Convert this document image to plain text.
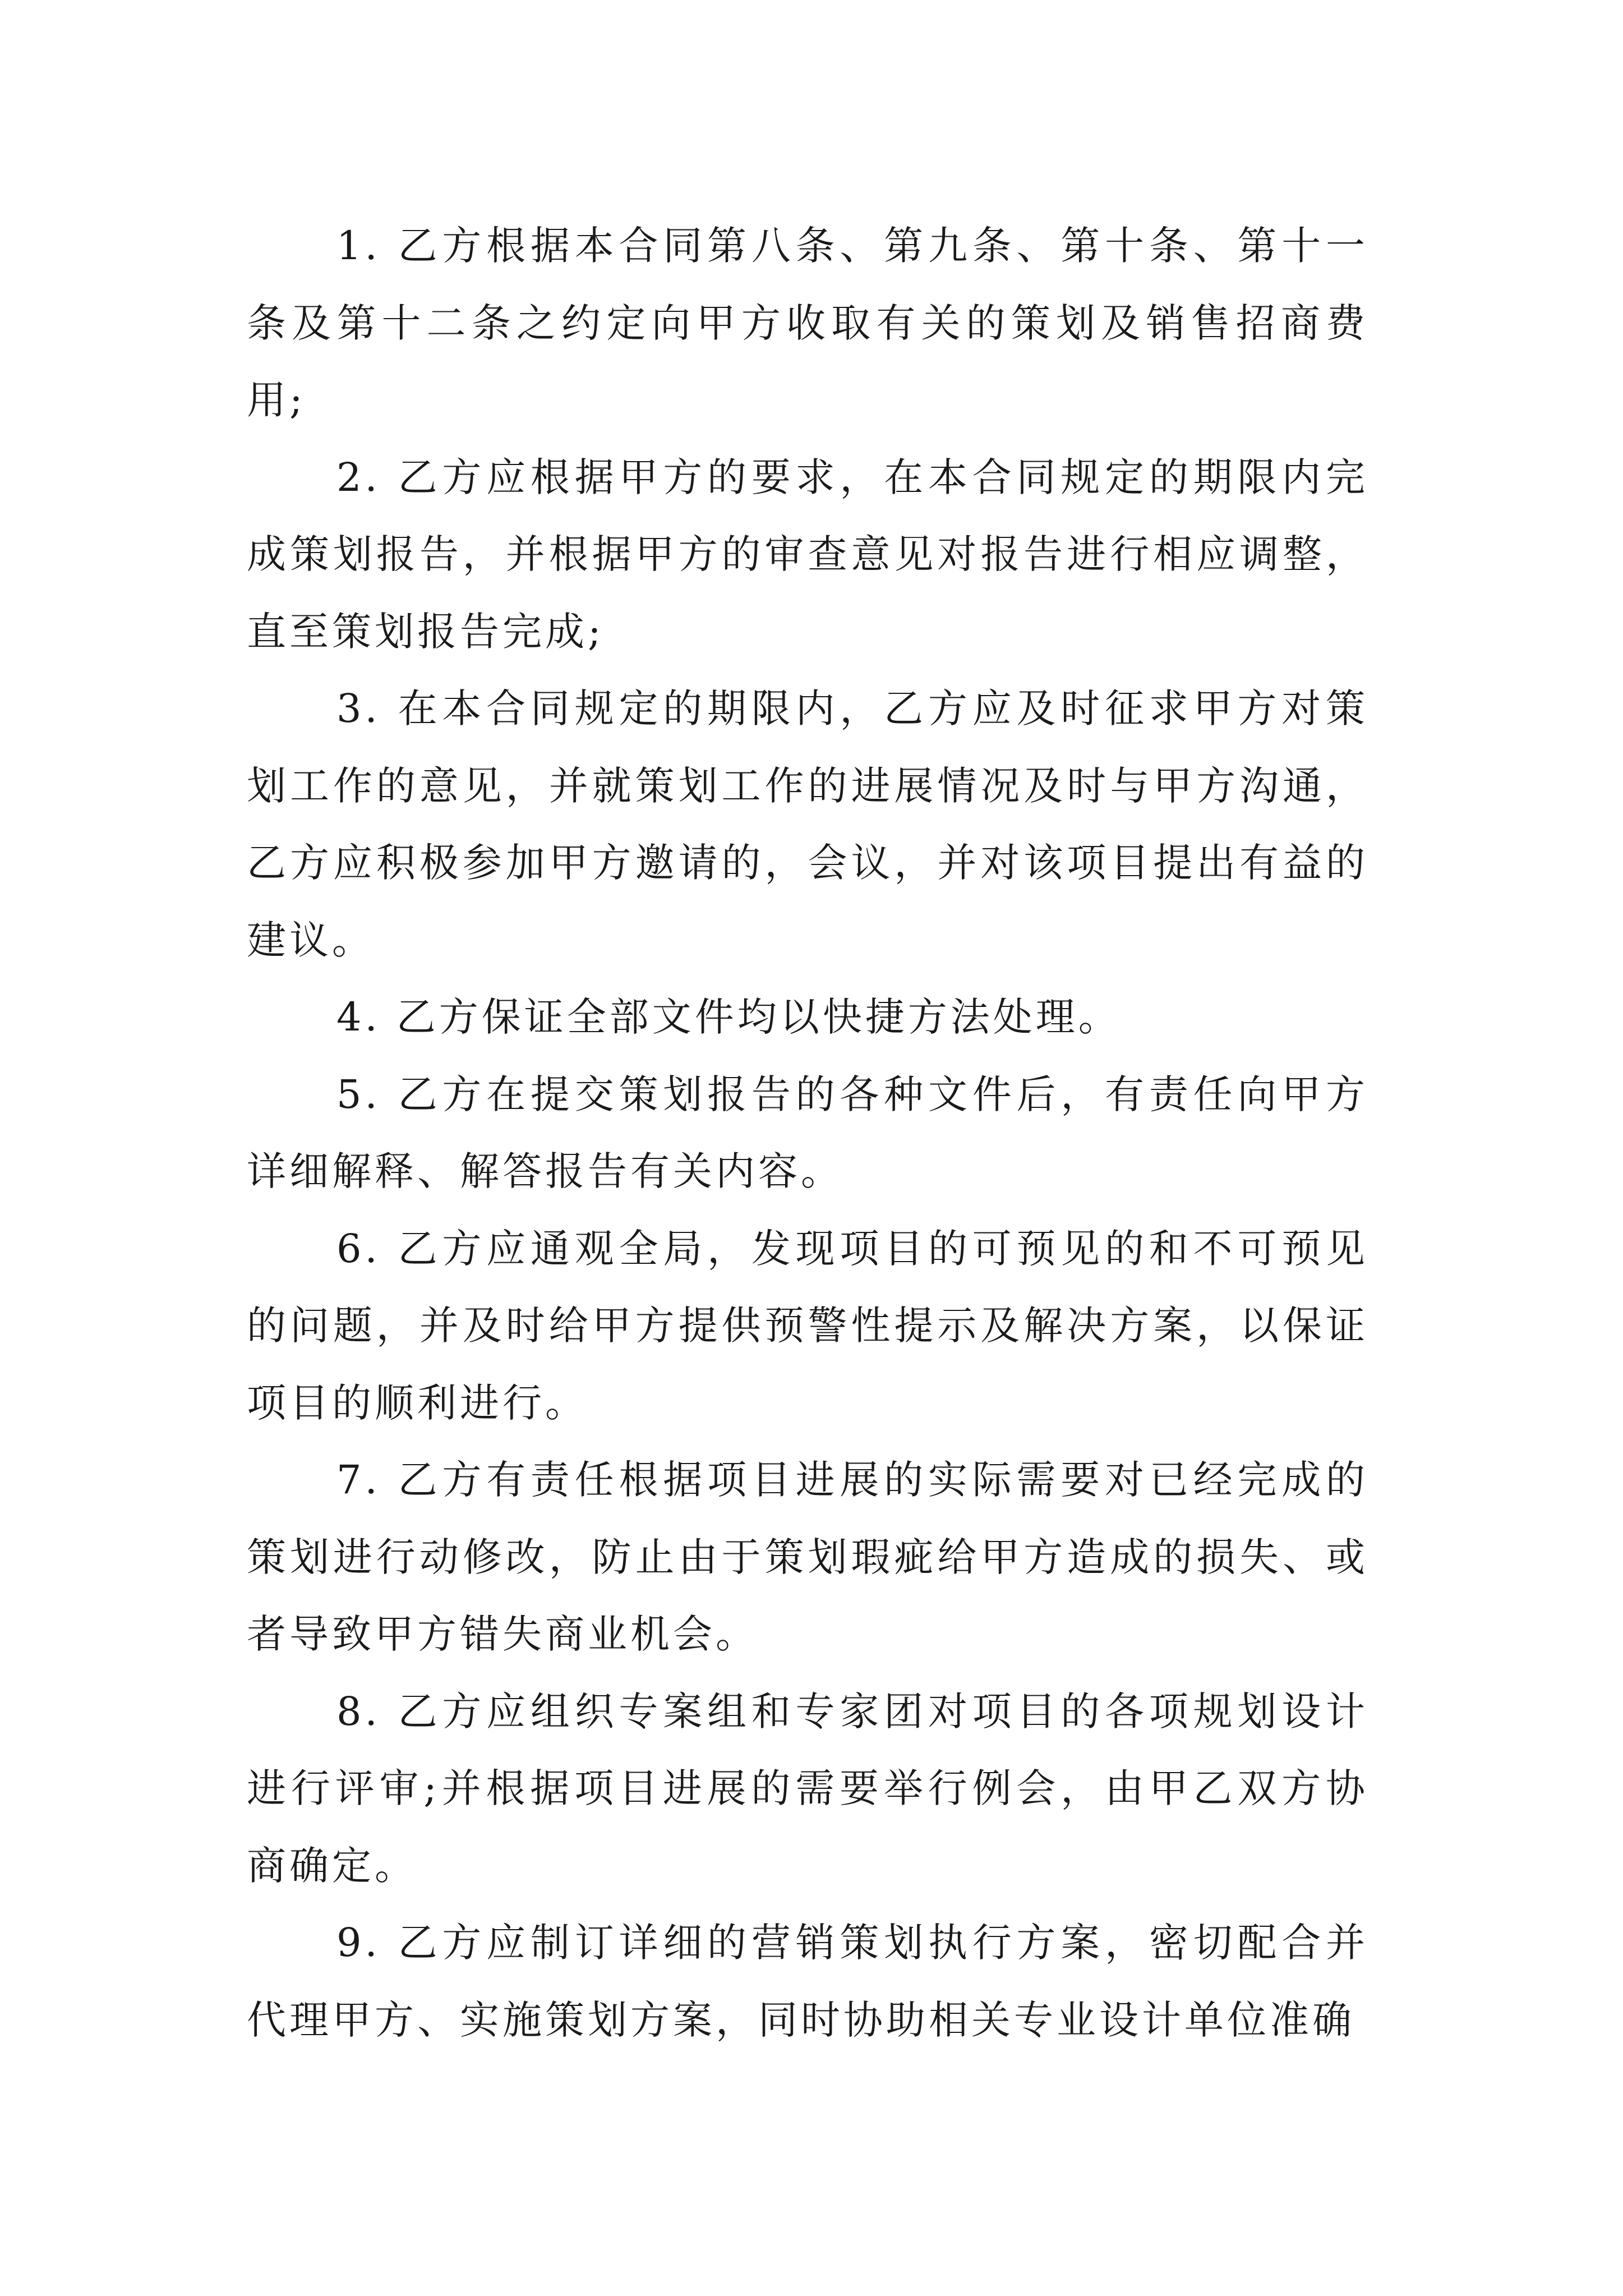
1. 乙方根据本合同第八条、第九条、第十条、第十一条及第十二条之约定向甲方收取有关的策划及销售招商费用;

2. 乙方应根据甲方的要求，在本合同规定的期限内完成策划报告，并根据甲方的审查意见对报告进行相应调整，直至策划报告完成;

3. 在本合同规定的期限内，乙方应及时征求甲方对策划工作的意见，并就策划工作的进展情况及时与甲方沟通，乙方应积极参加甲方邀请的，会议，并对该项目提出有益的建议。

4. 乙方保证全部文件均以快捷方法处理。

5. 乙方在提交策划报告的各种文件后，有责任向甲方详细解释、解答报告有关内容。

6. 乙方应通观全局，发现项目的可预见的和不可预见的问题，并及时给甲方提供预警性提示及解决方案，以保证项目的顺利进行。

7. 乙方有责任根据项目进展的实际需要对已经完成的策划进行动修改，防止由于策划瑕疵给甲方造成的损失、或者导致甲方错失商业机会。

8. 乙方应组织专案组和专家团对项目的各项规划设计进行评审;并根据项目进展的需要举行例会，由甲乙双方协商确定。

9. 乙方应制订详细的营销策划执行方案，密切配合并代理甲方、实施策划方案，同时协助相关专业设计单位准确
